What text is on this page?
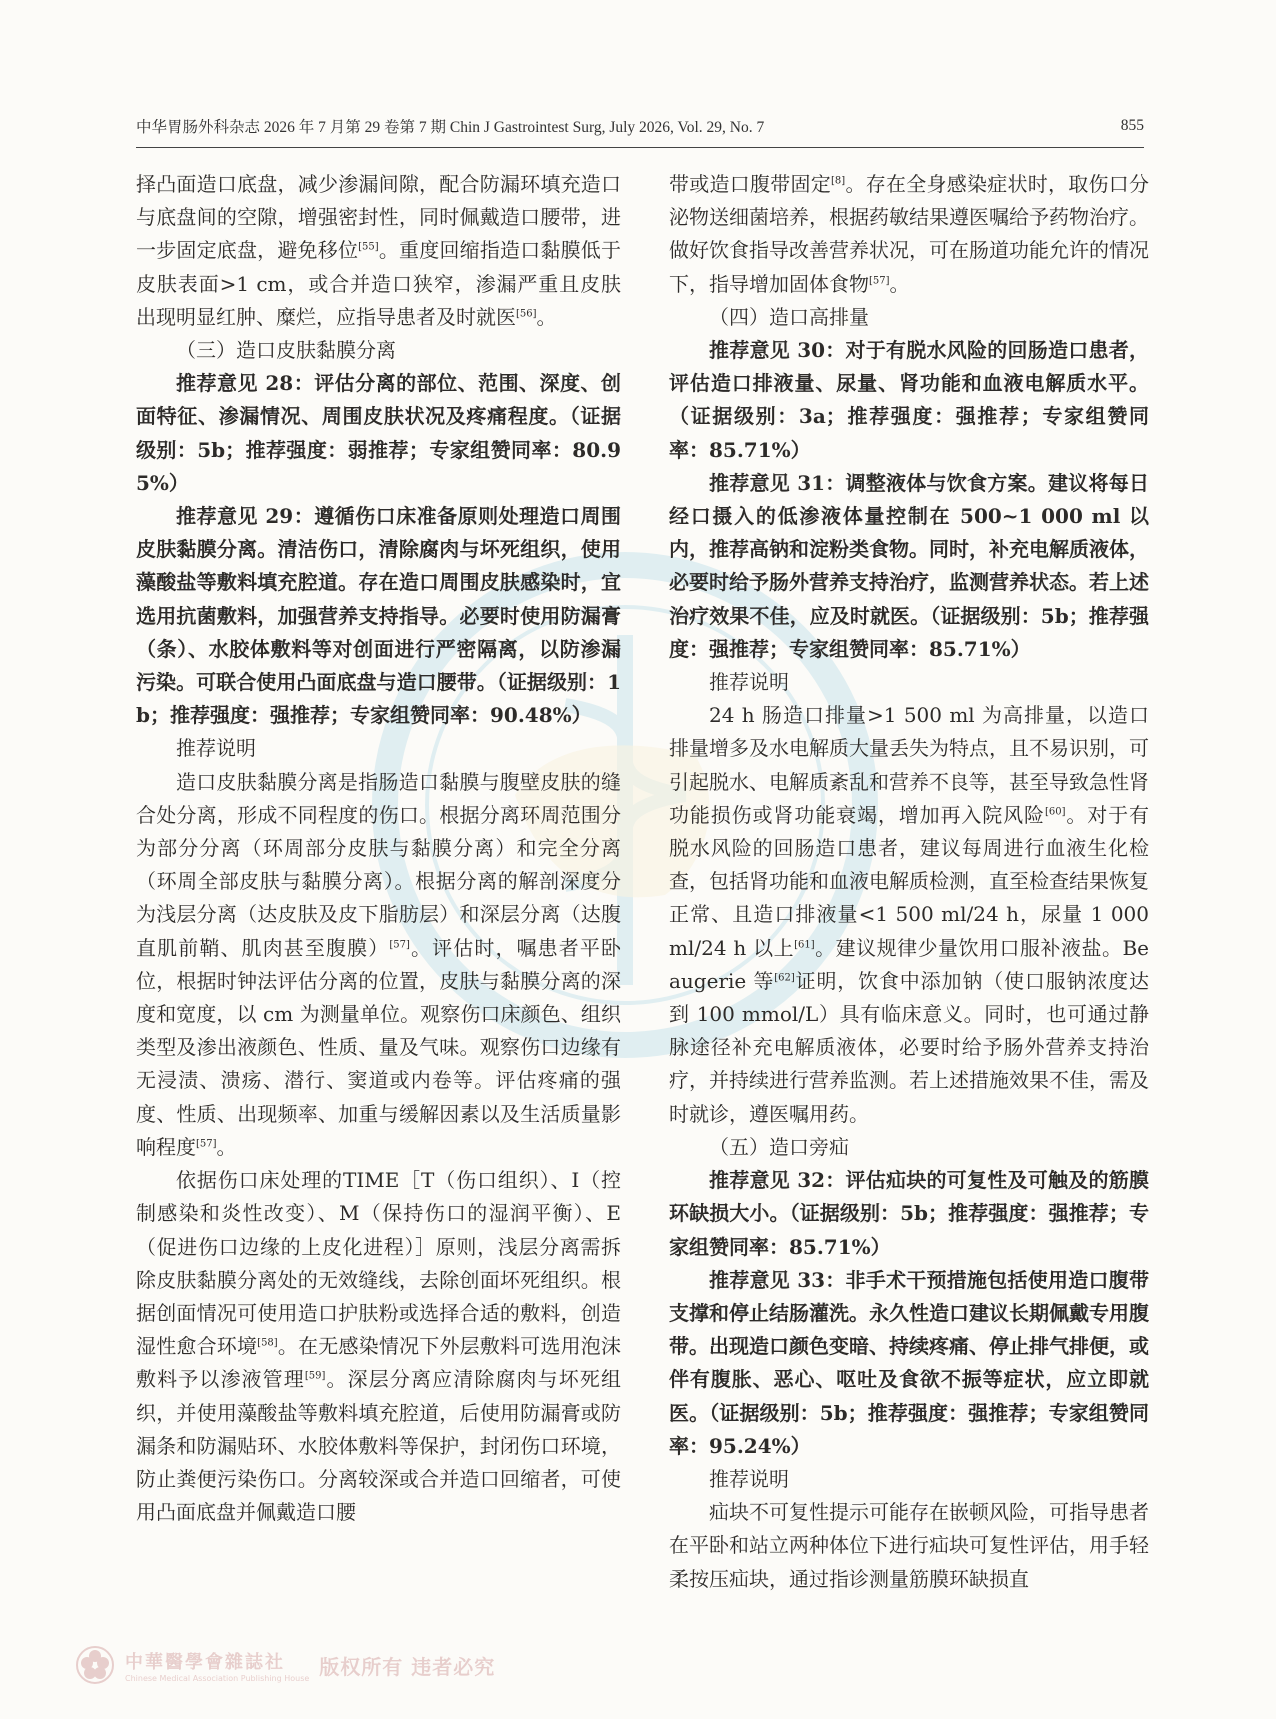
中华胃肠外科杂志 2026 年 7 月第 29 卷第 7 期 Chin J Gastrointest Surg, July 2026, Vol. 29, No. 7	855

择凸面造口底盘，减少渗漏间隙，配合防漏环填充造口与底盘间的空隙，增强密封性，同时佩戴造口腰带，进一步固定底盘，避免移位[55]。重度回缩指造口黏膜低于皮肤表面>1 cm，或合并造口狭窄，渗漏严重且皮肤出现明显红肿、糜烂，应指导患者及时就医[56]。

（三）造口皮肤黏膜分离

推荐意见 28：评估分离的部位、范围、深度、创面特征、渗漏情况、周围皮肤状况及疼痛程度。（证据级别：5b；推荐强度：弱推荐；专家组赞同率：80.95%）

推荐意见 29：遵循伤口床准备原则处理造口周围皮肤黏膜分离。清洁伤口，清除腐肉与坏死组织，使用藻酸盐等敷料填充腔道。存在造口周围皮肤感染时，宜选用抗菌敷料，加强营养支持指导。必要时使用防漏膏（条）、水胶体敷料等对创面进行严密隔离，以防渗漏污染。可联合使用凸面底盘与造口腰带。（证据级别：1b；推荐强度：强推荐；专家组赞同率：90.48%）

推荐说明

造口皮肤黏膜分离是指肠造口黏膜与腹壁皮肤的缝合处分离，形成不同程度的伤口。根据分离环周范围分为部分分离（环周部分皮肤与黏膜分离）和完全分离（环周全部皮肤与黏膜分离）。根据分离的解剖深度分为浅层分离（达皮肤及皮下脂肪层）和深层分离（达腹直肌前鞘、肌肉甚至腹膜）[57]。评估时，嘱患者平卧位，根据时钟法评估分离的位置，皮肤与黏膜分离的深度和宽度，以 cm 为测量单位。观察伤口床颜色、组织类型及渗出液颜色、性质、量及气味。观察伤口边缘有无浸渍、溃疡、潜行、窦道或内卷等。评估疼痛的强度、性质、出现频率、加重与缓解因素以及生活质量影响程度[57]。

依据伤口床处理的TIME［T（伤口组织）、I（控制感染和炎性改变）、M（保持伤口的湿润平衡）、E（促进伤口边缘的上皮化进程）］原则，浅层分离需拆除皮肤黏膜分离处的无效缝线，去除创面坏死组织。根据创面情况可使用造口护肤粉或选择合适的敷料，创造湿性愈合环境[58]。在无感染情况下外层敷料可选用泡沫敷料予以渗液管理[59]。深层分离应清除腐肉与坏死组织，并使用藻酸盐等敷料填充腔道，后使用防漏膏或防漏条和防漏贴环、水胶体敷料等保护，封闭伤口环境，防止粪便污染伤口。分离较深或合并造口回缩者，可使用凸面底盘并佩戴造口腰

带或造口腹带固定[8]。存在全身感染症状时，取伤口分泌物送细菌培养，根据药敏结果遵医嘱给予药物治疗。做好饮食指导改善营养状况，可在肠道功能允许的情况下，指导增加固体食物[57]。

（四）造口高排量

推荐意见 30：对于有脱水风险的回肠造口患者，评估造口排液量、尿量、肾功能和血液电解质水平。（证据级别：3a；推荐强度：强推荐；专家组赞同率：85.71%）

推荐意见 31：调整液体与饮食方案。建议将每日经口摄入的低渗液体量控制在 500~1 000 ml 以内，推荐高钠和淀粉类食物。同时，补充电解质液体，必要时给予肠外营养支持治疗，监测营养状态。若上述治疗效果不佳，应及时就医。（证据级别：5b；推荐强度：强推荐；专家组赞同率：85.71%）

推荐说明

24 h 肠造口排量>1 500 ml 为高排量，以造口排量增多及水电解质大量丢失为特点，且不易识别，可引起脱水、电解质紊乱和营养不良等，甚至导致急性肾功能损伤或肾功能衰竭，增加再入院风险[60]。对于有脱水风险的回肠造口患者，建议每周进行血液生化检查，包括肾功能和血液电解质检测，直至检查结果恢复正常、且造口排液量<1 500 ml/24 h，尿量 1 000 ml/24 h 以上[61]。建议规律少量饮用口服补液盐。Beaugerie 等[62]证明，饮食中添加钠（使口服钠浓度达到 100 mmol/L）具有临床意义。同时，也可通过静脉途径补充电解质液体，必要时给予肠外营养支持治疗，并持续进行营养监测。若上述措施效果不佳，需及时就诊，遵医嘱用药。

（五）造口旁疝

推荐意见 32：评估疝块的可复性及可触及的筋膜环缺损大小。（证据级别：5b；推荐强度：强推荐；专家组赞同率：85.71%）

推荐意见 33：非手术干预措施包括使用造口腹带支撑和停止结肠灌洗。永久性造口建议长期佩戴专用腹带。出现造口颜色变暗、持续疼痛、停止排气排便，或伴有腹胀、恶心、呕吐及食欲不振等症状，应立即就医。（证据级别：5b；推荐强度：强推荐；专家组赞同率：95.24%）

推荐说明

疝块不可复性提示可能存在嵌顿风险，可指导患者在平卧和站立两种体位下进行疝块可复性评估，用手轻柔按压疝块，通过指诊测量筋膜环缺损直

中華醫學會雜誌社
Chinese Medical Association Publishing House 版权所有 违者必究
